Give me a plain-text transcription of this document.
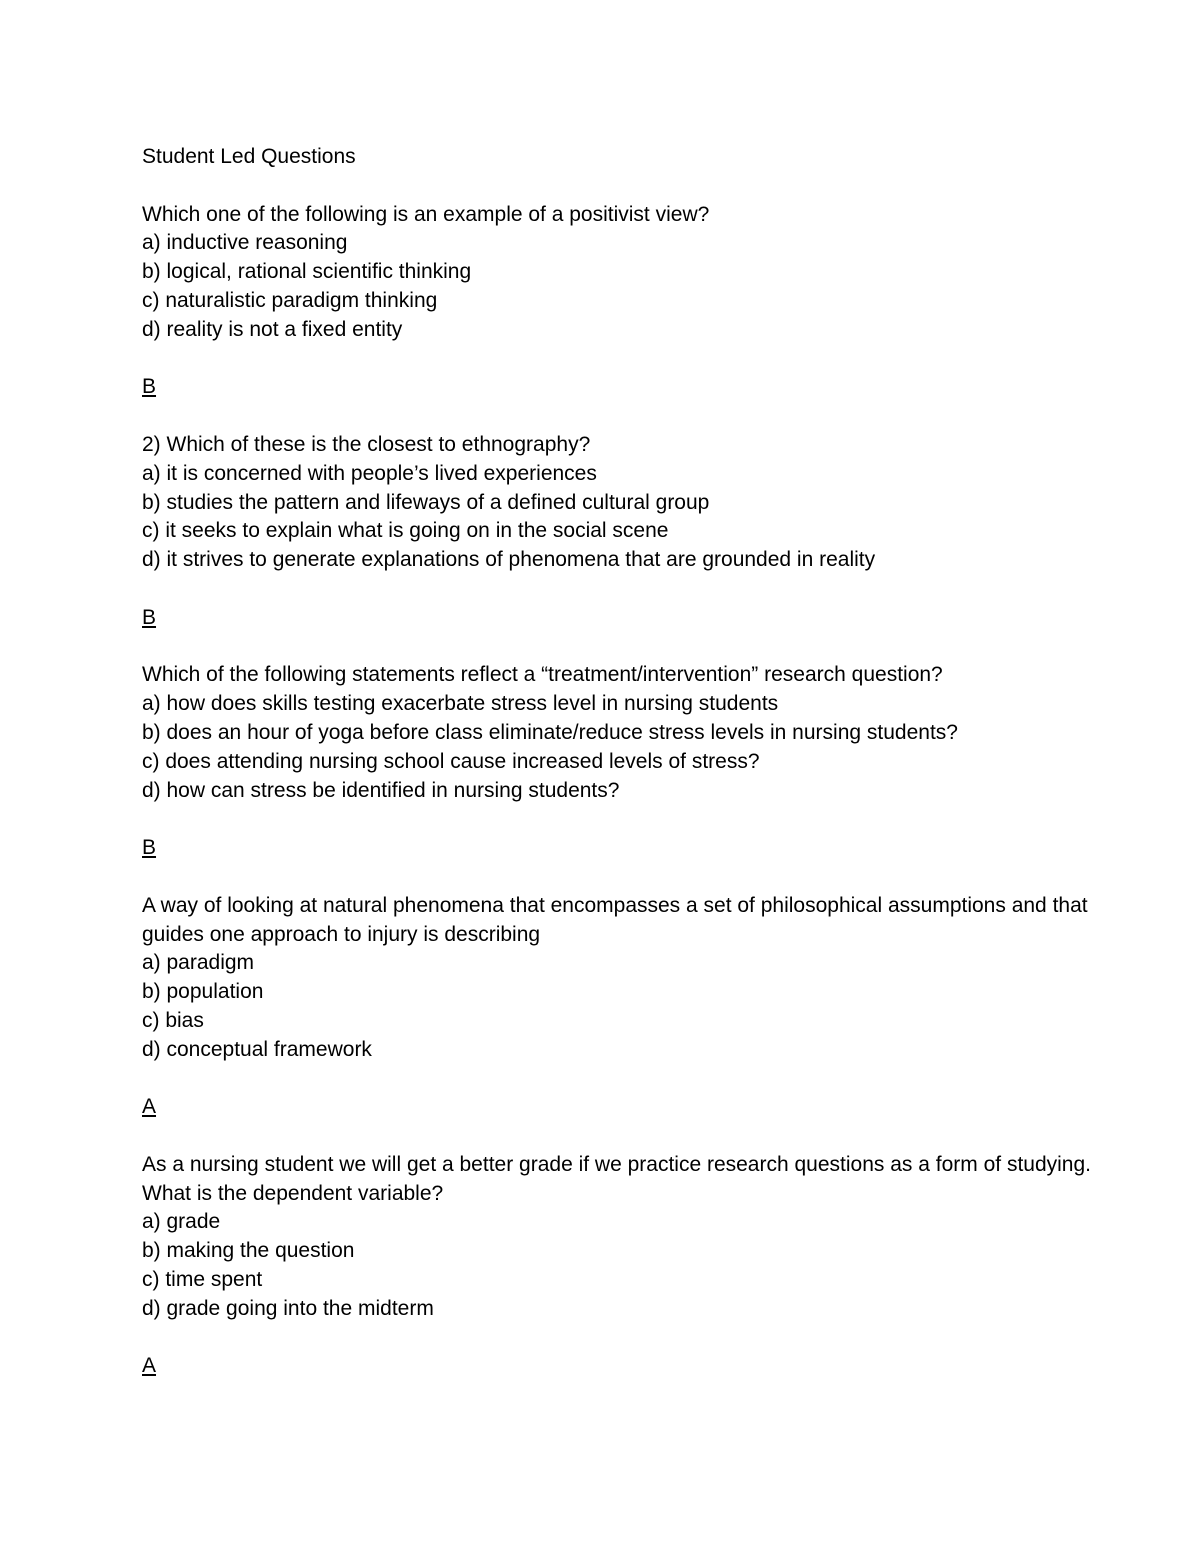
Student Led Questions

Which one of the following is an example of a positivist view?

a) inductive reasoning

b) logical, rational scientific thinking

c) naturalistic paradigm thinking

d) reality is not a fixed entity

B

2) Which of these is the closest to ethnography?

a) it is concerned with people’s lived experiences

b) studies the pattern and lifeways of a defined cultural group

c) it seeks to explain what is going on in the social scene

d) it strives to generate explanations of phenomena that are grounded in reality

B

Which of the following statements reflect a “treatment/intervention” research question?

a) how does skills testing exacerbate stress level in nursing students

b) does an hour of yoga before class eliminate/reduce stress levels in nursing students?

c) does attending nursing school cause increased levels of stress?

d) how can stress be identified in nursing students?

B

A way of looking at natural phenomena that encompasses a set of philosophical assumptions and that guides one approach to injury is describing

a) paradigm

b) population

c) bias

d) conceptual framework

A

As a nursing student we will get a better grade if we practice research questions as a form of studying. What is the dependent variable?

a) grade

b) making the question

c) time spent

d) grade going into the midterm

A
